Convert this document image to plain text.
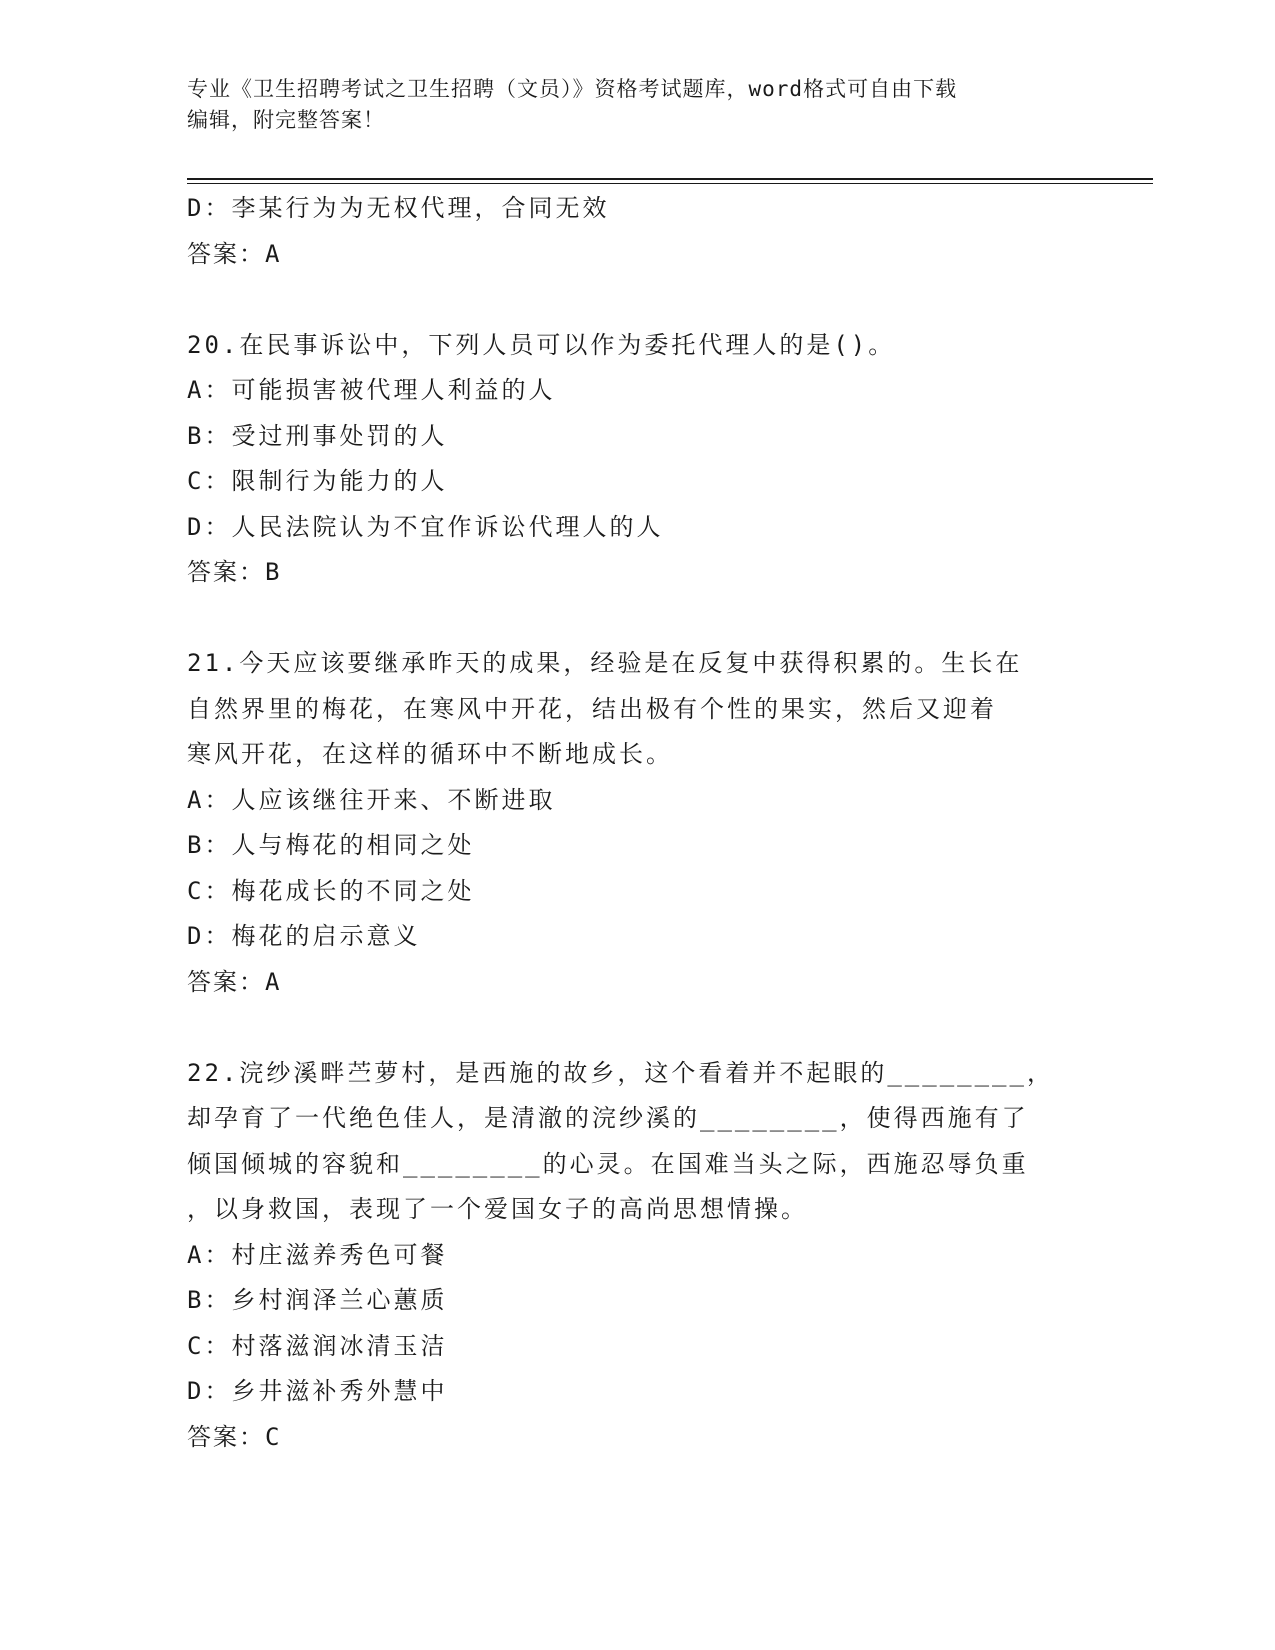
专业《卫生招聘考试之卫生招聘（文员）》资格考试题库，word格式可自由下载
编辑，附完整答案！
D：李某行为为无权代理，合同无效
答案：A
20.在民事诉讼中，下列人员可以作为委托代理人的是()。
A：可能损害被代理人利益的人
B：受过刑事处罚的人
C：限制行为能力的人
D：人民法院认为不宜作诉讼代理人的人
答案：B
21.今天应该要继承昨天的成果，经验是在反复中获得积累的。生长在
自然界里的梅花，在寒风中开花，结出极有个性的果实，然后又迎着
寒风开花，在这样的循环中不断地成长。
A：人应该继往开来、不断进取
B：人与梅花的相同之处
C：梅花成长的不同之处
D：梅花的启示意义
答案：A
22.浣纱溪畔苎萝村，是西施的故乡，这个看着并不起眼的________，
却孕育了一代绝色佳人，是清澈的浣纱溪的________，使得西施有了
倾国倾城的容貌和________的心灵。在国难当头之际，西施忍辱负重
，以身救国，表现了一个爱国女子的高尚思想情操。
A：村庄滋养秀色可餐
B：乡村润泽兰心蕙质
C：村落滋润冰清玉洁
D：乡井滋补秀外慧中
答案：C
